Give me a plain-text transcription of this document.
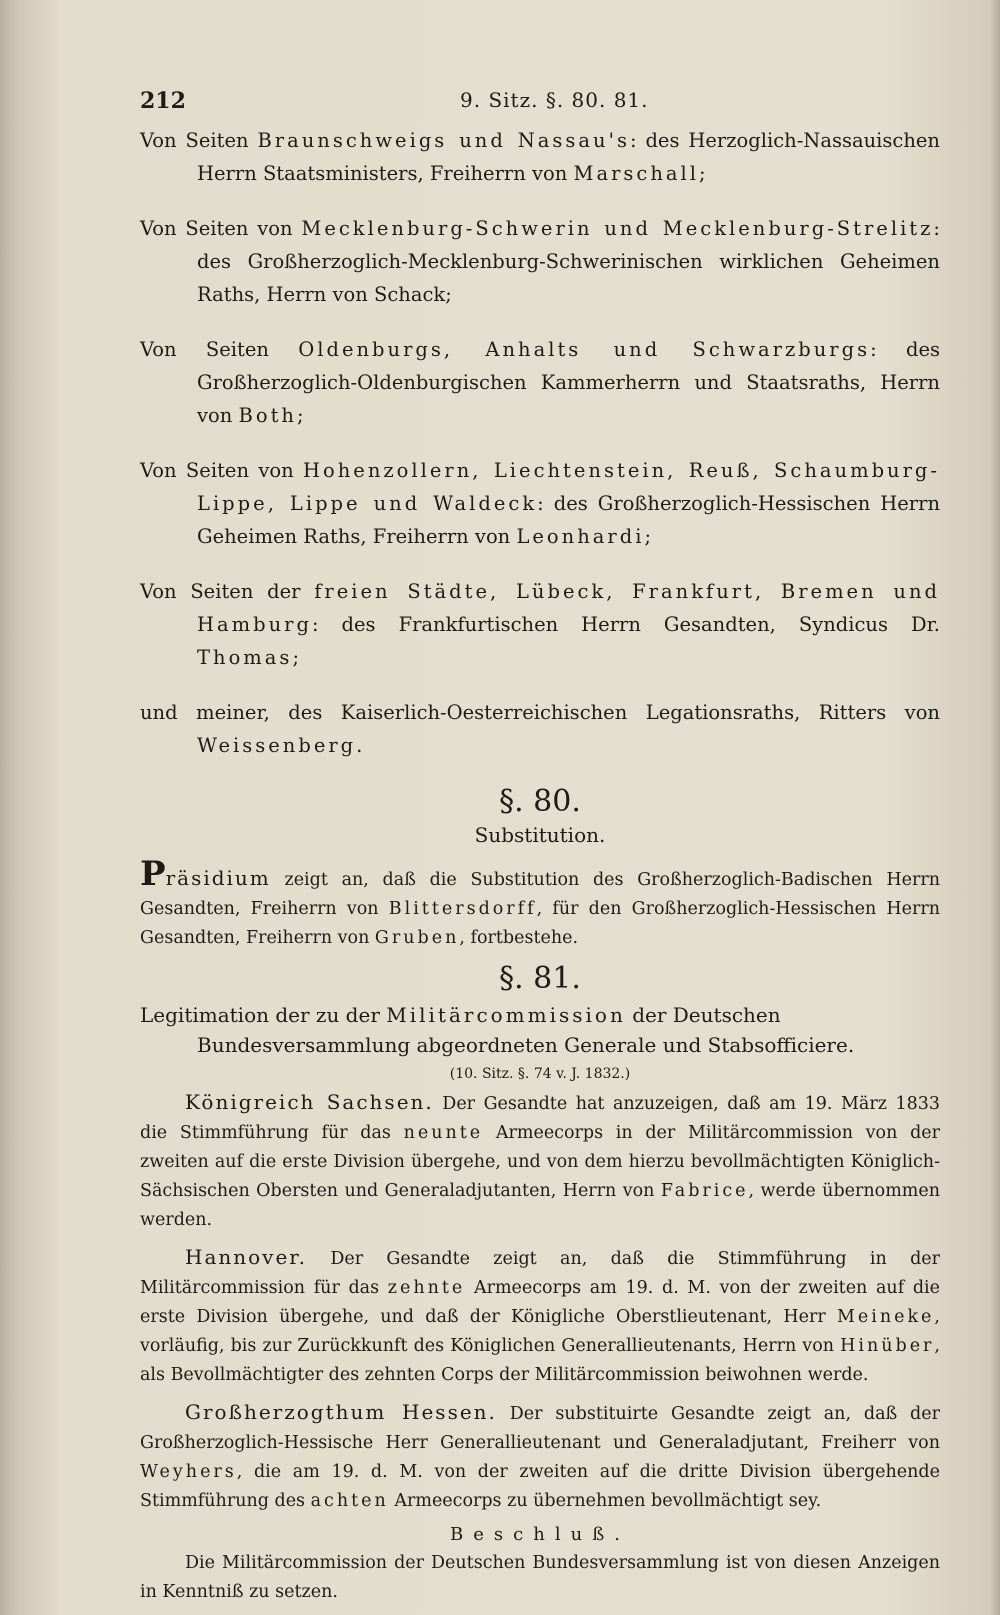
212	9. Sitz. §. 80. 81.

Von Seiten Braunschweigs und Nassau's: des Herzoglich-Nassauischen Herrn Staatsministers, Freiherrn von Marschall;

Von Seiten von Mecklenburg-Schwerin und Mecklenburg-Strelitz: des Großherzoglich-Mecklenburg-Schwerinischen wirklichen Geheimen Raths, Herrn von Schack;

Von Seiten Oldenburgs, Anhalts und Schwarzburgs: des Großherzoglich-Oldenburgischen Kammerherrn und Staatsraths, Herrn von Both;

Von Seiten von Hohenzollern, Liechtenstein, Reuß, Schaumburg-Lippe, Lippe und Waldeck: des Großherzoglich-Hessischen Herrn Geheimen Raths, Freiherrn von Leonhardi;

Von Seiten der freien Städte, Lübeck, Frankfurt, Bremen und Hamburg: des Frankfurtischen Herrn Gesandten, Syndicus Dr. Thomas;

und meiner, des Kaiserlich-Oesterreichischen Legationsraths, Ritters von Weissenberg.

§. 80.
Substitution.

Präsidium zeigt an, daß die Substitution des Großherzoglich-Badischen Herrn Gesandten, Freiherrn von Blittersdorff, für den Großherzoglich-Hessischen Herrn Gesandten, Freiherrn von Gruben, fortbestehe.

§. 81.
Legitimation der zu der Militärcommission der Deutschen Bundesversammlung abgeordneten Generale und Stabsofficiere.
(10. Sitz. §. 74 v. J. 1832.)

Königreich Sachsen. Der Gesandte hat anzuzeigen, daß am 19. März 1833 die Stimmführung für das neunte Armeecorps in der Militärcommission von der zweiten auf die erste Division übergehe, und von dem hierzu bevollmächtigten Königlich-Sächsischen Obersten und Generaladjutanten, Herrn von Fabrice, werde übernommen werden.

Hannover. Der Gesandte zeigt an, daß die Stimmführung in der Militärcommission für das zehnte Armeecorps am 19. d. M. von der zweiten auf die erste Division übergehe, und daß der Königliche Oberstlieutenant, Herr Meineke, vorläufig, bis zur Zurückkunft des Königlichen Generallieutenants, Herrn von Hinüber, als Bevollmächtigter des zehnten Corps der Militärcommission beiwohnen werde.

Großherzogthum Hessen. Der substituirte Gesandte zeigt an, daß der Großherzoglich-Hessische Herr Generallieutenant und Generaladjutant, Freiherr von Weyhers, die am 19. d. M. von der zweiten auf die dritte Division übergehende Stimmführung des achten Armeecorps zu übernehmen bevollmächtigt sey.

Beschluß.

Die Militärcommission der Deutschen Bundesversammlung ist von diesen Anzeigen in Kenntniß zu setzen.
